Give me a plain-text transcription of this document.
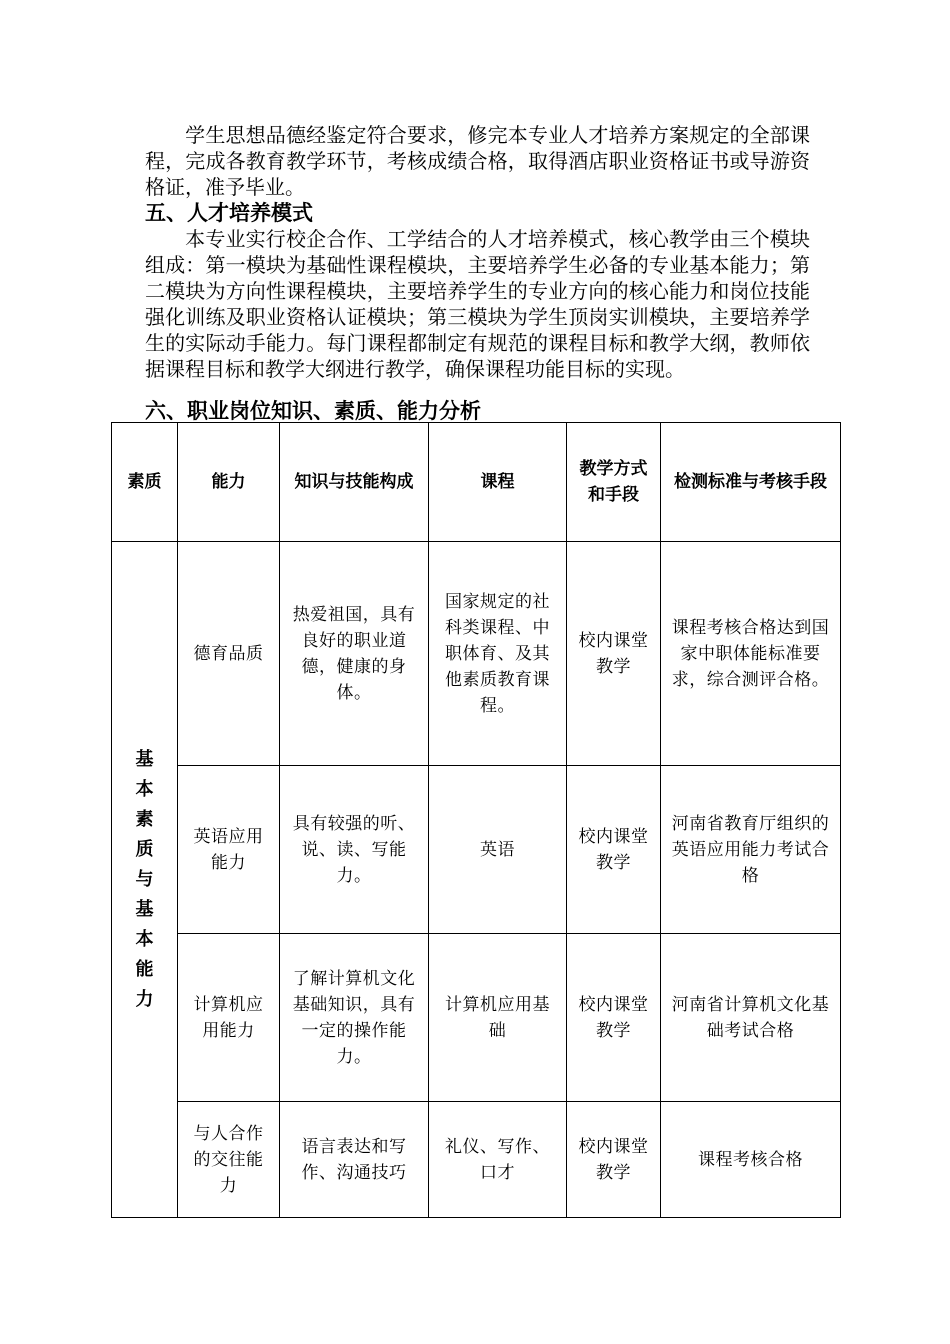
学生思想品德经鉴定符合要求，修完本专业人才培养方案规定的全部课程，完成各教育教学环节，考核成绩合格，取得酒店职业资格证书或导游资格证，准予毕业。

五、人才培养模式

本专业实行校企合作、工学结合的人才培养模式，核心教学由三个模块组成：第一模块为基础性课程模块，主要培养学生必备的专业基本能力；第二模块为方向性课程模块，主要培养学生的专业方向的核心能力和岗位技能强化训练及职业资格认证模块；第三模块为学生顶岗实训模块，主要培养学生的实际动手能力。每门课程都制定有规范的课程目标和教学大纲，教师依据课程目标和教学大纲进行教学，确保课程功能目标的实现。

六、职业岗位知识、素质、能力分析

素质	能力	知识与技能构成	课程	教学方式和手段	检测标准与考核手段

基本素质与基本能力	德育品质	热爱祖国，具有良好的职业道德，健康的身体。	国家规定的社科类课程、中职体育、及其他素质教育课程。	校内课堂教学	课程考核合格达到国家中职体能标准要求，综合测评合格。
	英语应用能力	具有较强的听、说、读、写能力。	英语	校内课堂教学	河南省教育厅组织的英语应用能力考试合格
	计算机应用能力	了解计算机文化基础知识，具有一定的操作能力。	计算机应用基础	校内课堂教学	河南省计算机文化基础考试合格
	与人合作的交往能力	语言表达和写作、沟通技巧	礼仪、写作、口才	校内课堂教学	课程考核合格
